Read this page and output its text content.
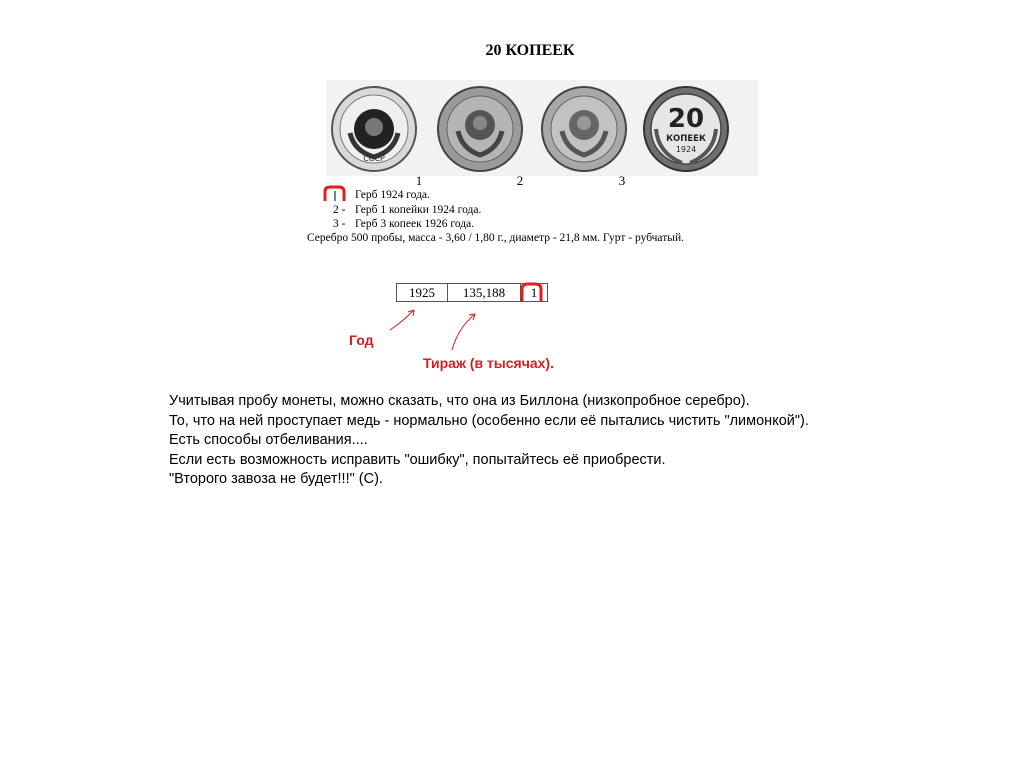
20 КОПЕЕК
СССР
20
КОПЕЕК
1924
1	2	3
Герб 1924 года.
2 - Герб 1 копейки 1924 года.
3 - Герб 3 копеек 1926 года.
Серебро 500 пробы, масса - 3,60 / 1,80 г., диаметр - 21,8 мм. Гурт - рубчатый.
1925	135,188	1
Год
Тираж (в тысячах).
Учитывая пробу монеты, можно сказать, что она из Биллона (низкопробное серебро).
То, что на ней проступает медь - нормально (особенно если её пытались чистить "лимонкой").
Есть способы отбеливания....
Если есть возможность исправить "ошибку", попытайтесь её приобрести.
"Второго завоза не будет!!!" (С).
